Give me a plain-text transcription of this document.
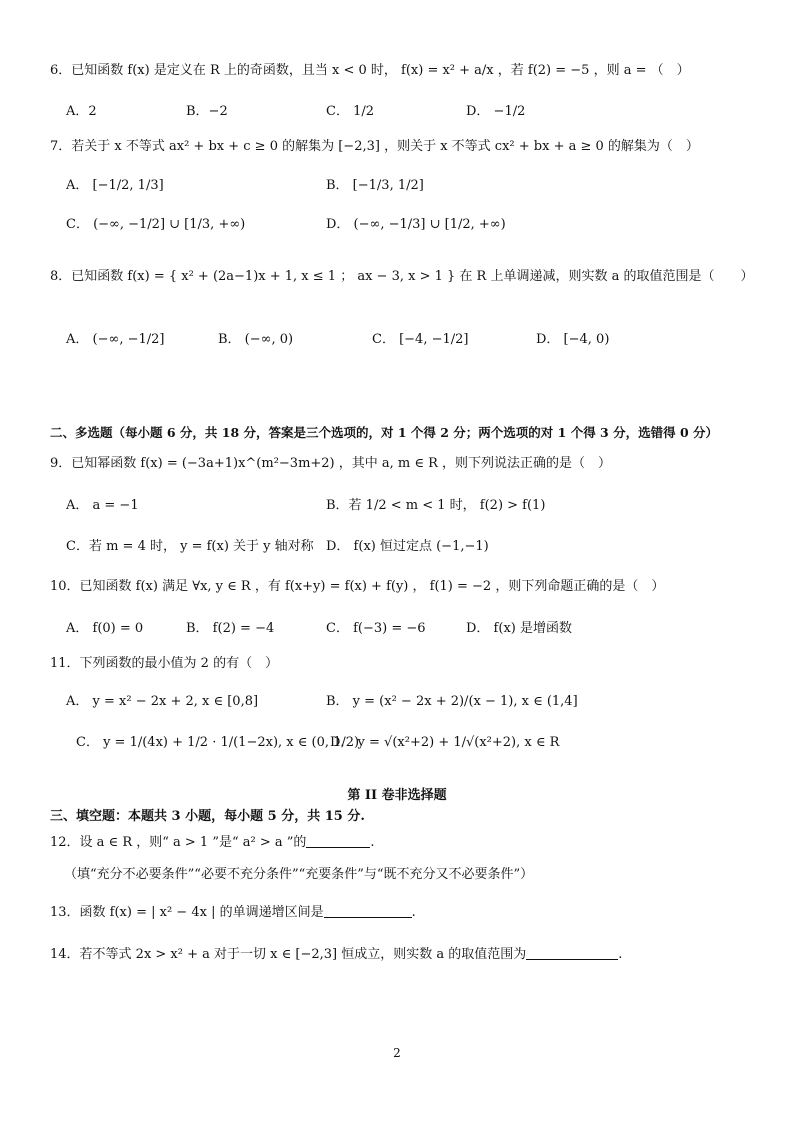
6．已知函数 f(x) 是定义在 R 上的奇函数，且当 x < 0 时， f(x) = x² + a/x ，若 f(2) = −5 ，则 a = （　）
A．2	B．−2	C． 1/2	D． −1/2
7．若关于 x 不等式 ax² + bx + c ≥ 0 的解集为 [−2,3] ，则关于 x 不等式 cx² + bx + a ≥ 0 的解集为（　）
A． [−1/2, 1/3]	B． [−1/3, 1/2]
C． (−∞, −1/2] ∪ [1/3, +∞)	D． (−∞, −1/3] ∪ [1/2, +∞)
8．已知函数 f(x) = { x² + (2a−1)x + 1, x ≤ 1 ； ax − 3, x > 1 } 在 R 上单调递减，则实数 a 的取值范围是（　　）
A． (−∞, −1/2]	B． (−∞, 0)	C． [−4, −1/2]	D． [−4, 0)
二、多选题（每小题 6 分，共 18 分，答案是三个选项的，对 1 个得 2 分；两个选项的对 1 个得 3 分，选错得 0 分）
9．已知幂函数 f(x) = (−3a+1)x^(m²−3m+2) ，其中 a, m ∈ R ，则下列说法正确的是（　）
A． a = −1	B．若 1/2 < m < 1 时， f(2) > f(1)
C．若 m = 4 时， y = f(x) 关于 y 轴对称 D． f(x) 恒过定点 (−1,−1)
10．已知函数 f(x) 满足 ∀x, y ∈ R ，有 f(x+y) = f(x) + f(y) ， f(1) = −2 ，则下列命题正确的是（　）
A． f(0) = 0	B． f(2) = −4	C． f(−3) = −6	D． f(x) 是增函数
11．下列函数的最小值为 2 的有（　）
A． y = x² − 2x + 2, x ∈ [0,8]	B． y = (x² − 2x + 2)/(x − 1), x ∈ (1,4]
C． y = 1/(4x) + 1/2 · 1/(1−2x), x ∈ (0, 1/2)
D． y = √(x²+2) + 1/√(x²+2), x ∈ R
第 II 卷非选择题
三、填空题：本题共 3 小题，每小题 5 分，共 15 分.
12．设 a ∈ R ，则“ a > 1 ”是“ a² > a ”的	.
（填“充分不必要条件”“必要不充分条件”“充要条件”与“既不充分又不必要条件”）
13．函数 f(x) = | x² − 4x | 的单调递增区间是	.
14．若不等式 2x > x² + a 对于一切 x ∈ [−2,3] 恒成立，则实数 a 的取值范围为	.
2
